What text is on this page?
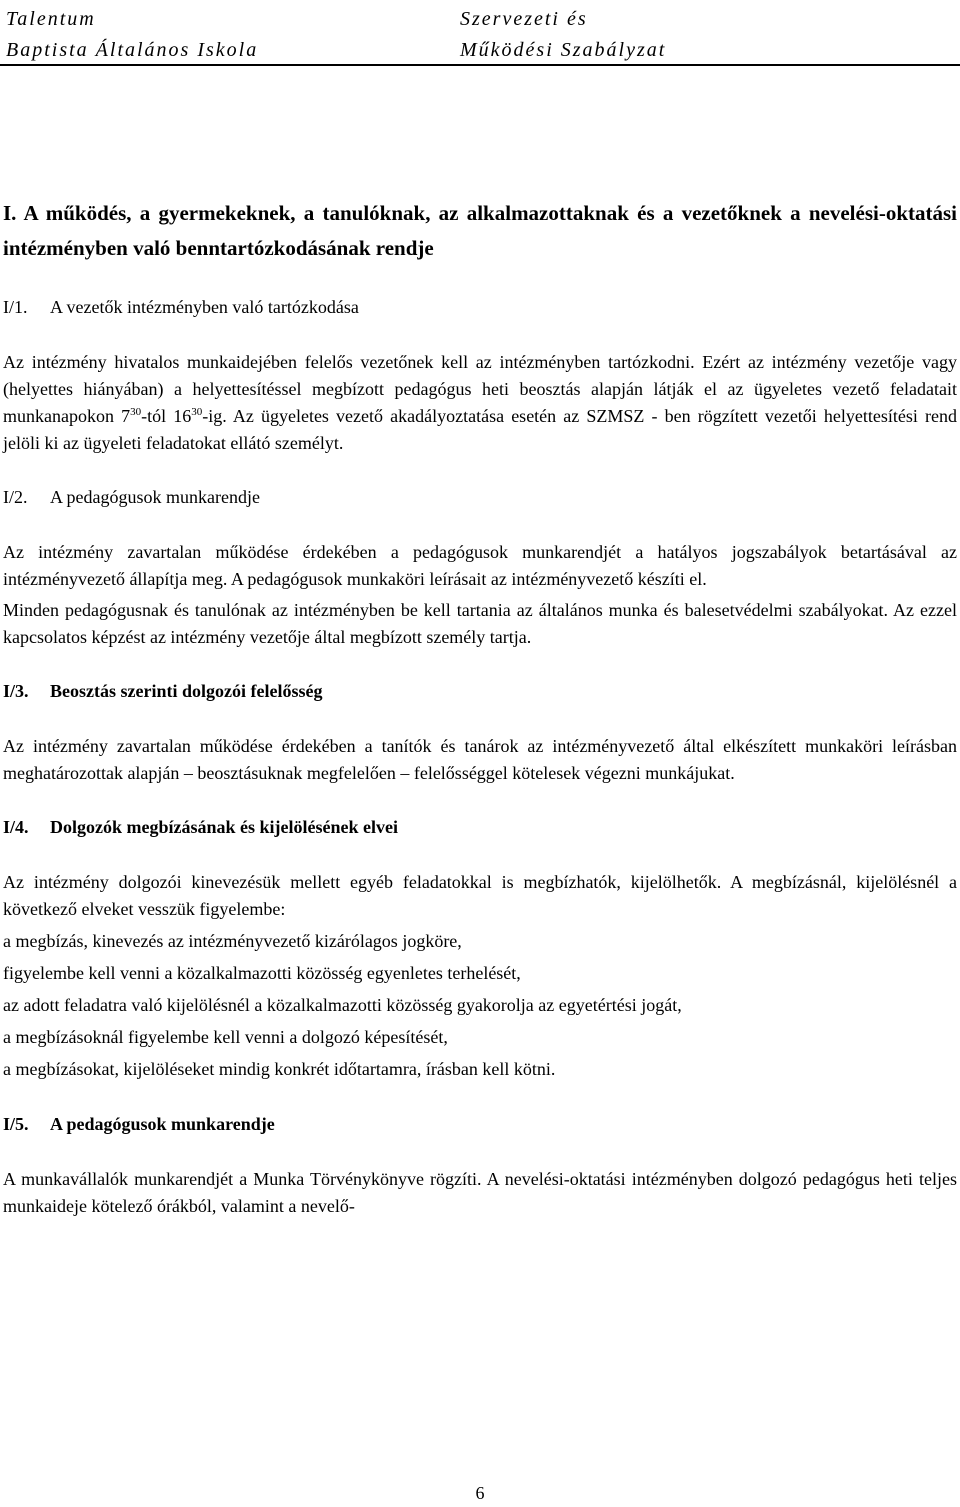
Talentum
Baptista Általános Iskola
Szervezeti és
Működési Szabályzat
I. A működés, a gyermekeknek, a tanulóknak, az alkalmazottaknak és a vezetőknek a nevelési-oktatási intézményben való benntartózkodásának rendje
I/1. A vezetők intézményben való tartózkodása
Az intézmény hivatalos munkaidejében felelős vezetőnek kell az intézményben tartózkodni. Ezért az intézmény vezetője vagy (helyettes hiányában) a helyettesítéssel megbízott pedagógus heti beosztás alapján látják el az ügyeletes vezető feladatait munkanapokon $7^{30}$-tól $16^{30}-ig$. Az ügyeletes vezető akadályoztatása esetén az SZMSZ - ben rögzített vezetői helyettesítési rend jelöli ki az ügyeleti feladatokat ellátó személyt.
I/2. A pedagógusok munkarendje
Az intézmény zavartalan működése érdekében a pedagógusok munkarendjét a hatályos jogszabályok betartásával az intézményvezető állapítja meg. A pedagógusok munkaköri leírásait az intézményvezető készíti el.
Minden pedagógusnak és tanulónak az intézményben be kell tartania az általános munka és balesetvédelmi szabályokat. Az ezzel kapcsolatos képzést az intézmény vezetője által megbízott személy tartja.
I/3. Beosztás szerinti dolgozói felelősség
Az intézmény zavartalan működése érdekében a tanítók és tanárok az intézményvezető által elkészített munkaköri leírásban meghatározottak alapján – beosztásuknak megfelelően – felelősséggel kötelesek végezni munkájukat.
I/4. Dolgozók megbízásának és kijelölésének elvei
Az intézmény dolgozói kinevezésük mellett egyéb feladatokkal is megbízhatók, kijelölhetők. A megbízásnál, kijelölésnél a következő elveket vesszük figyelembe:
a megbízás, kinevezés az intézményvezető kizárólagos jogköre,
figyelembe kell venni a közalkalmazotti közösség egyenletes terhelését,
az adott feladatra való kijelölésnél a közalkalmazotti közösség gyakorolja az egyetértési jogát,
a megbízásoknál figyelembe kell venni a dolgozó képesítését,
a megbízásokat, kijelöléseket mindig konkrét időtartamra, írásban kell kötni.
I/5. A pedagógusok munkarendje
A munkavállalók munkarendjét a Munka Törvénykönyve rögzíti. A nevelési-oktatási intézményben dolgozó pedagógus heti teljes munkaideje kötelező órákból, valamint a nevelő-
6
